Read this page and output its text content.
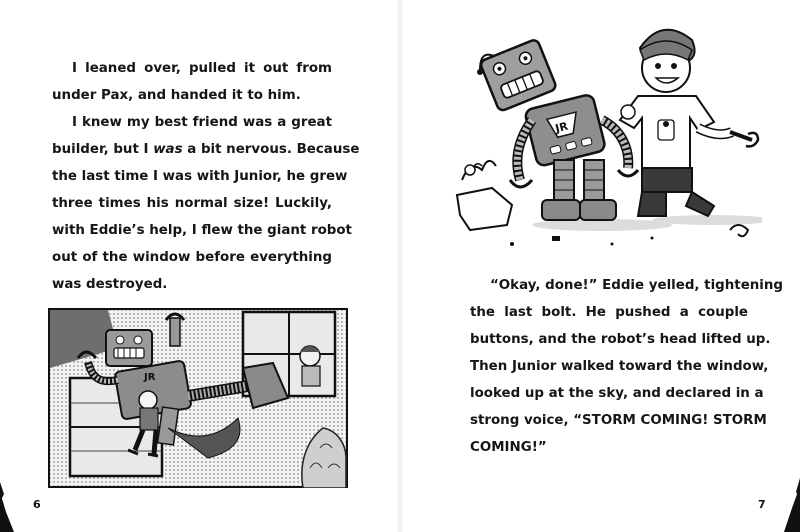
I leaned over, pulled it out from
under Pax, and handed it to him.

I knew my best friend was a great
builder, but I was a bit nervous. Because
the last time I was with Junior, he grew
three times his normal size! Luckily,
with Eddie’s help, I flew the giant robot
out of the window before everything
was destroyed.

JR
6
JR

“Okay, done!” Eddie yelled, tightening
the last bolt. He pushed a couple
buttons, and the robot’s head lifted up.
Then Junior walked toward the window,
looked up at the sky, and declared in a
strong voice, “STORM COMING! STORM
COMING!”

7
